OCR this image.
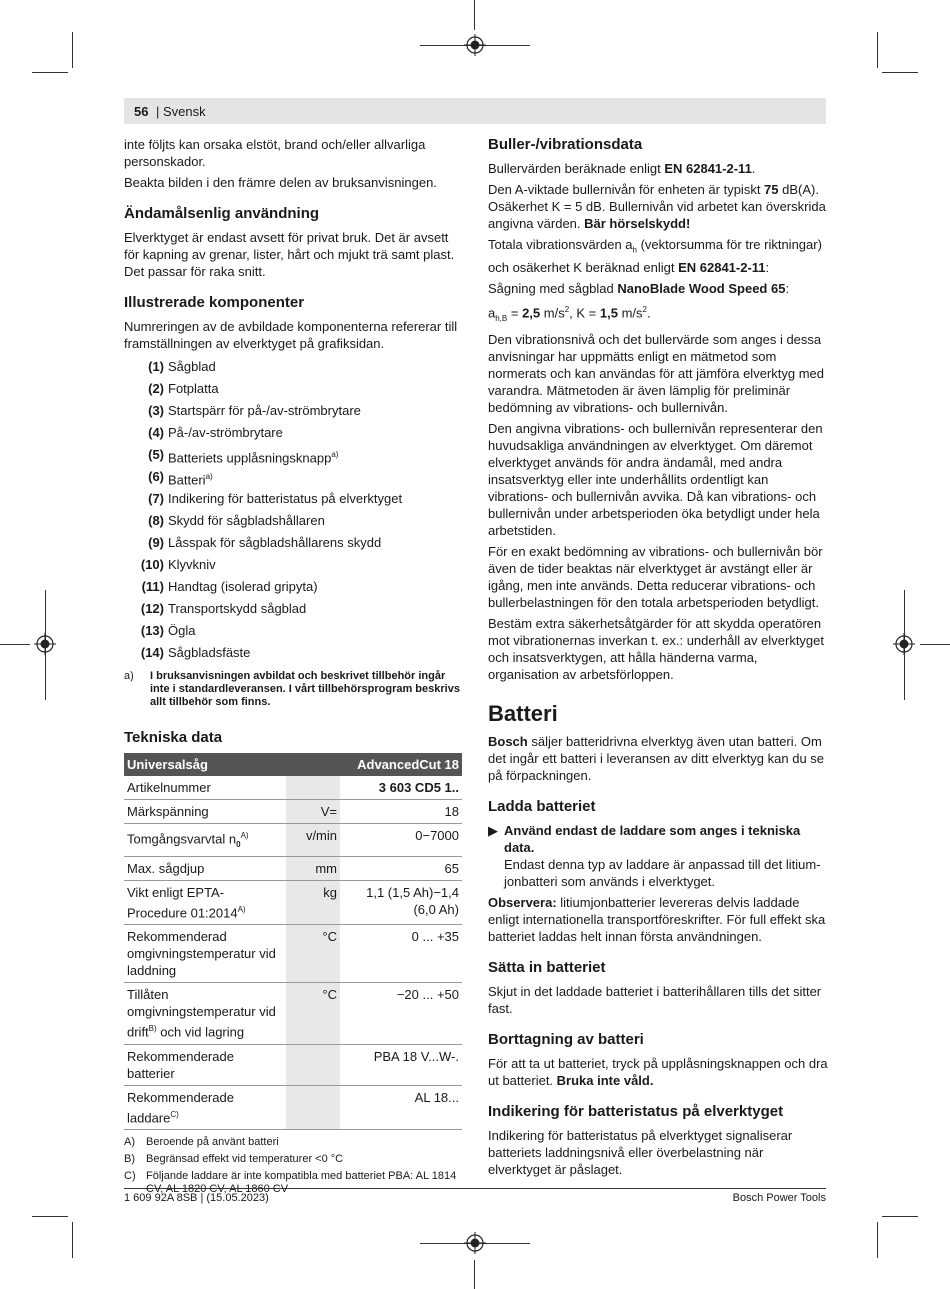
56 | Svensk

inte följts kan orsaka elstöt, brand och/eller allvarliga personskador.

Beakta bilden i den främre delen av bruksanvisningen.

Ändamålsenlig användning

Elverktyget är endast avsett för privat bruk. Det är avsett för kapning av grenar, lister, hårt och mjukt trä samt plast. Det passar för raka snitt.

Illustrerade komponenter

Numreringen av de avbildade komponenterna refererar till framställningen av elverktyget på grafiksidan.

(1) Sågblad
(2) Fotplatta
(3) Startspärr för på-/av-strömbrytare
(4) På-/av-strömbrytare
(5) Batteriets upplåsningsknapp$^{a)}$
(6) Batteri$^{a)}$
(7) Indikering för batteristatus på elverktyget
(8) Skydd för sågbladshållaren
(9) Låsspak för sågbladshållarens skydd
(10) Klyvkniv
(11) Handtag (isolerad gripyta)
(12) Transportskydd sågblad
(13) Ögla
(14) Sågbladsfäste
a)	I bruksanvisningen avbildat och beskrivet tillbehör ingår inte i standardleveransen. I vårt tillbehörsprogram beskrivs allt tillbehör som finns.
Tekniska data
Universalsåg		AdvancedCut 18
Artikelnummer		3 603 CD5 1..
Märkspänning	V=	18
Tomgångsvarvtal $n_0^{A)}$	v/min	0−7000
Max. sågdjup	mm	65
Vikt enligt EPTA-Procedure $01:2014^{A)}$	kg	1,1 (1,5 Ah)−1,4 (6,0 Ah)
Rekommenderad omgivningstemperatur vid laddning	°C	0 ... +35
Tillåten omgivningstemperatur vid drift$^{B)}$ och vid lagring	°C	−20 ... +50
Rekommenderade batterier		PBA 18 V...W-.
Rekommenderade laddare$^{C)}$		AL 18...
A)	Beroende på använt batteri
B)	Begränsad effekt vid temperaturer <0 °C
C) Följande laddare är inte kompatibla med batteriet PBA: AL 1814
Buller-/vibrationsdata

Bullervärden beräknade enligt EN 62841-2-11.

Den A-viktade bullernivån för enheten är typiskt 75 dB(A). Osäkerhet K = 5 dB. Bullernivån vid arbetet kan överskrida angivna värden. Bär hörselskydd!

Totala vibrationsvärden $a_h$ (vektorsumma för tre riktningar) och osäkerhet K beräknad enligt EN 62841-2-11:

Sågning med sågblad NanoBlade Wood Speed 65:

$a_{h,B} = 2,5$ $m/s^2$, K = 1,5 $m/s^2$.

Den vibrationsnivå och det bullervärde som anges i dessa anvisningar har uppmätts enligt en mätmetod som normerats och kan användas för att jämföra elverktyg med varandra. Mätmetoden är även lämplig för preliminär bedömning av vibrations- och bullernivån.

Den angivna vibrations- och bullernivån representerar den huvudsakliga användningen av elverktyget. Om däremot elverktyget används för andra ändamål, med andra insatsverktyg eller inte underhållits ordentligt kan vibrations- och bullernivån avvika. Då kan vibrations- och bullernivån under arbetsperioden öka betydligt under hela arbetstiden.

För en exakt bedömning av vibrations- och bullernivån bör även de tider beaktas när elverktyget är avstängt eller är igång, men inte används. Detta reducerar vibrations- och bullerbelastningen för den totala arbetsperioden betydligt.

Bestäm extra säkerhetsåtgärder för att skydda operatören mot vibrationernas inverkan t. ex.: underhåll av elverktyget och insatsverktygen, att hålla händerna varma, organisation av arbetsförloppen.

Batteri

Bosch säljer batteridrivna elverktyg även utan batteri. Om det ingår ett batteri i leveransen av ditt elverktyg kan du se på förpackningen.

Ladda batteriet
▶ Använd endast de laddare som anges i tekniska data.
Endast denna typ av laddare är anpassad till det litium-jonbatteri som används i elverktyget.

Observera: litiumjonbatterier levereras delvis laddade enligt internationella transportföreskrifter. För full effekt ska batteriet laddas helt innan första användningen.

Sätta in batteriet

Skjut in det laddade batteriet i batterihållaren tills det sitter fast.

Borttagning av batteri

För att ta ut batteriet, tryck på upplåsningsknappen och dra ut batteriet. Bruka inte våld.

Indikering för batteristatus på elverktyget

Indikering för batteristatus på elverktyget signaliserar batteriets laddningsnivå eller överbelastning när elverktyget är påslaget.

1 609 92A 8SB | (15.05.2023)	Bosch Power Tools
